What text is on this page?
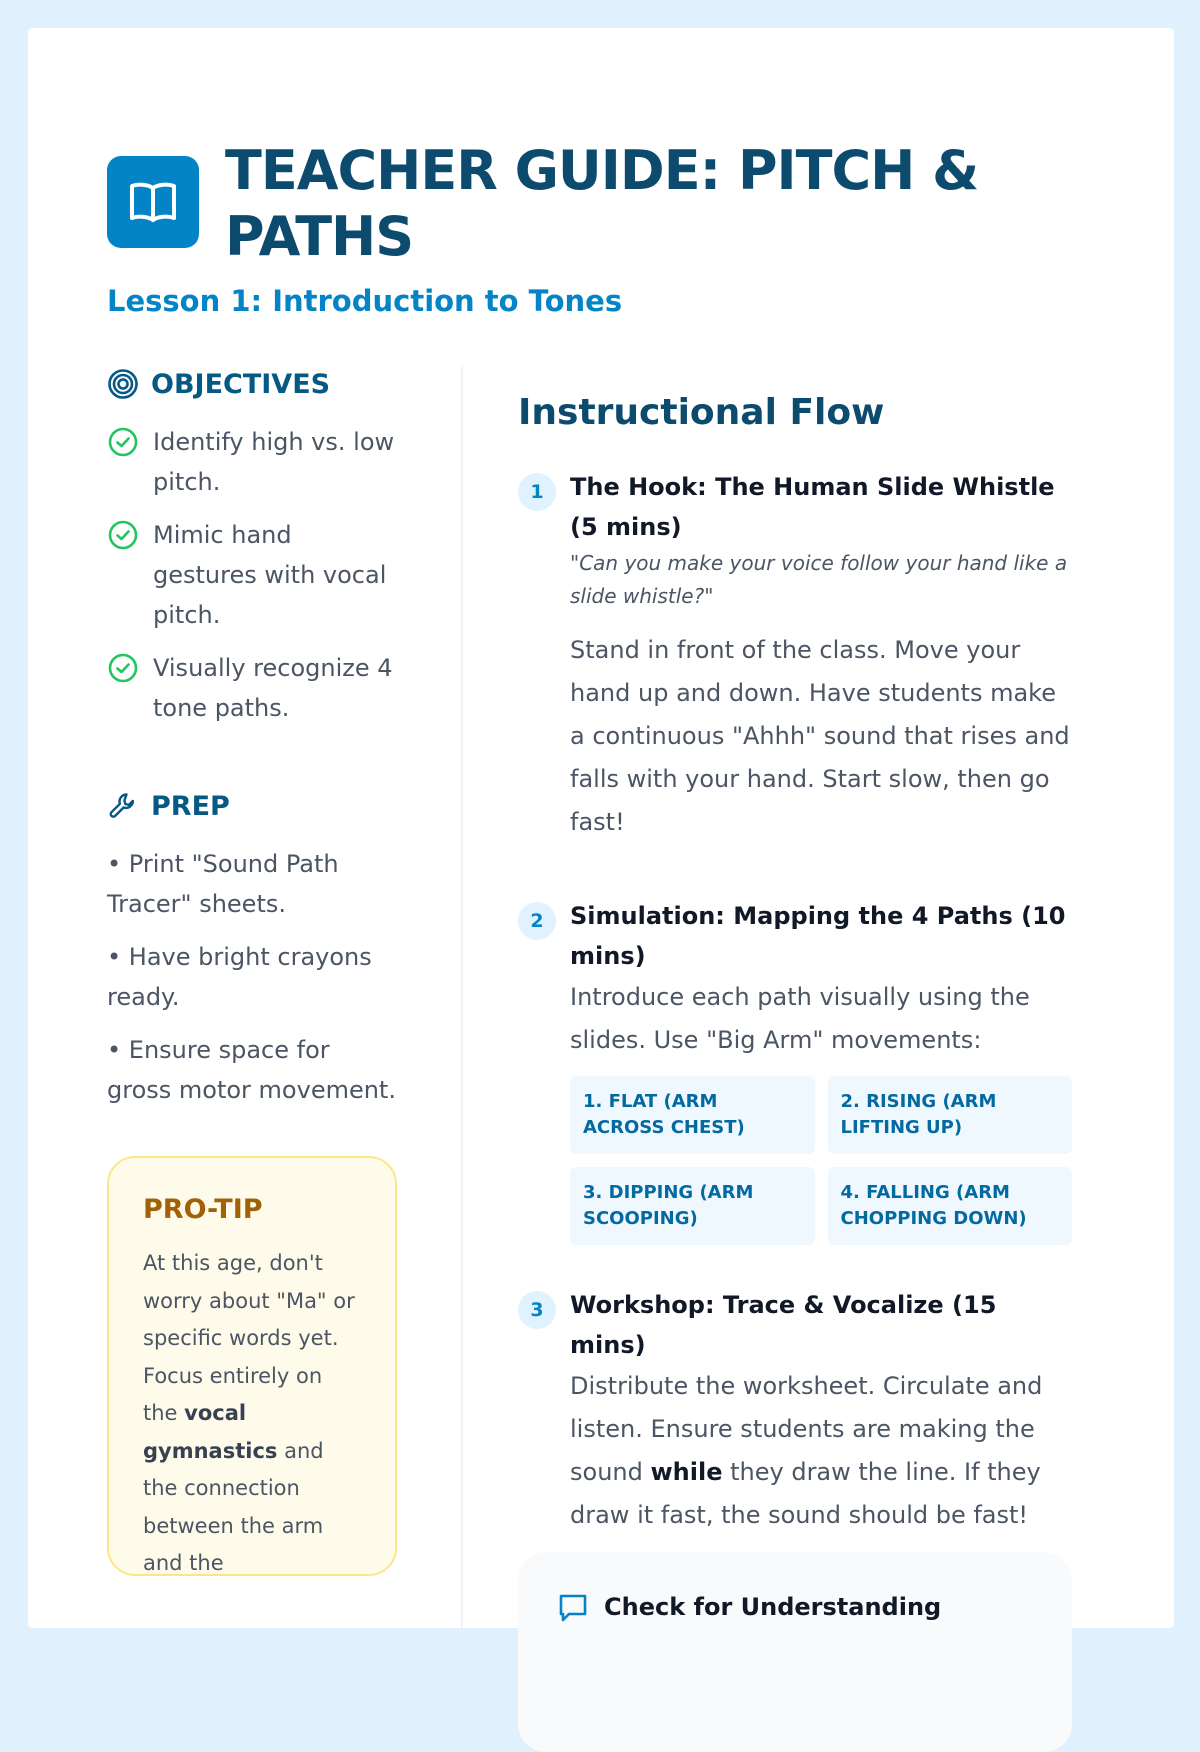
TEACHER GUIDE: PITCH & PATHS
Lesson 1: Introduction to Tones
OBJECTIVES
Identify high vs. low pitch.
Mimic hand gestures with vocal pitch.
Visually recognize 4 tone paths.
PREP
• Print "Sound Path Tracer" sheets.
• Have bright crayons ready.
• Ensure space for gross motor movement.
PRO-TIP
At this age, don't worry about "Ma" or specific words yet. Focus entirely on the vocal gymnastics and the connection between the arm and the
Instructional Flow
1	The Hook: The Human Slide Whistle (5 mins)
"Can you make your voice follow your hand like a slide whistle?"
Stand in front of the class. Move your hand up and down. Have students make a continuous "Ahhh" sound that rises and falls with your hand. Start slow, then go fast!
2	Simulation: Mapping the 4 Paths (10 mins)
Introduce each path visually using the slides. Use "Big Arm" movements:
1. FLAT (ARM ACROSS CHEST)
2. RISING (ARM LIFTING UP)
3. DIPPING (ARM SCOOPING)
4. FALLING (ARM CHOPPING DOWN)
3	Workshop: Trace & Vocalize (15 mins)
Distribute the worksheet. Circulate and listen. Ensure students are making the sound while they draw the line. If they draw it fast, the sound should be fast!
Check for Understanding
